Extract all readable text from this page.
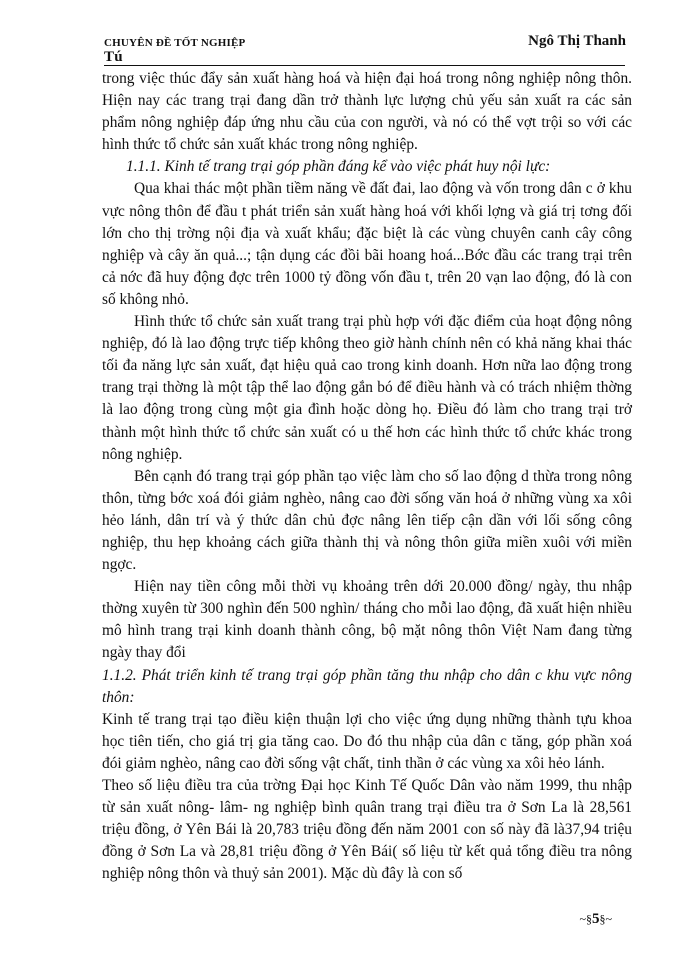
CHUYÊN ĐỀ TỐT NGHIỆP
Tú
Ngô Thị Thanh

trong việc thúc đẩy sản xuất hàng hoá và hiện đại hoá trong nông nghiệp nông thôn. Hiện nay các trang trại đang dần trở thành lực lượng chủ yếu sản xuất ra các sản phẩm nông nghiệp đáp ứng nhu cầu của con người, và nó có thể vợt trội so với các hình thức tổ chức sản xuất khác trong nông nghiệp.

1.1.1. Kinh tế trang trại góp phần đáng kể vào việc phát huy nội lực:

Qua khai thác một phần tiềm năng về đất đai, lao động và vốn trong dân c ở khu vực nông thôn để đầu t phát triển sản xuất hàng hoá với khối lợng và giá trị tơng đối lớn cho thị trờng nội địa và xuất khẩu; đặc biệt là các vùng chuyên canh cây công nghiệp và cây ăn quả...; tận dụng các đồi bãi hoang hoá...Bớc đầu các trang trại trên cả nớc đã huy động đợc trên 1000 tỷ đồng vốn đầu t, trên 20 vạn lao động, đó là con số không nhỏ.

Hình thức tổ chức sản xuất trang trại phù hợp với đặc điểm của hoạt động nông nghiệp, đó là lao động trực tiếp không theo giờ hành chính nên có khả năng khai thác tối đa năng lực sản xuất, đạt hiệu quả cao trong kinh doanh. Hơn nữa lao động trong trang trại thờng là một tập thể lao động gắn bó để điều hành và có trách nhiệm thờng là lao động trong cùng một gia đình hoặc dòng họ. Điều đó làm cho trang trại trở thành một hình thức tổ chức sản xuất có u thế hơn các hình thức tổ chức khác trong nông nghiệp.

Bên cạnh đó trang trại góp phần tạo việc làm cho số lao động d thừa trong nông thôn, từng bớc xoá đói giảm nghèo, nâng cao đời sống văn hoá ở những vùng xa xôi hẻo lánh, dân trí và ý thức dân chủ đợc nâng lên tiếp cận dần với lối sống công nghiệp, thu hẹp khoảng cách giữa thành thị và nông thôn giữa miền xuôi với miền ngợc.

Hiện nay tiền công mỗi thời vụ khoảng trên dới 20.000 đồng/ ngày, thu nhập thờng xuyên từ 300 nghìn đến 500 nghìn/ tháng cho mỗi lao động, đã xuất hiện nhiều mô hình trang trại kinh doanh thành công, bộ mặt nông thôn Việt Nam đang từng ngày thay đổi

1.1.2. Phát triển kinh tế trang trại góp phần tăng thu nhập cho dân c khu vực nông thôn:

Kinh tế trang trại tạo điều kiện thuận lợi cho việc ứng dụng những thành tựu khoa học tiên tiến, cho giá trị gia tăng cao. Do đó thu nhập của dân c tăng, góp phần xoá đói giảm nghèo, nâng cao đời sống vật chất, tinh thần ở các vùng xa xôi hẻo lánh.

Theo số liệu điều tra của trờng Đại học Kinh Tế Quốc Dân vào năm 1999, thu nhập từ sản xuất nông- lâm- ng nghiệp bình quân trang trại điều tra ở Sơn La là 28,561 triệu đồng, ở Yên Bái là 20,783 triệu đồng đến năm 2001 con số này đã là37,94 triệu đồng ở Sơn La và 28,81 triệu đồng ở Yên Bái( số liệu từ kết quả tổng điều tra nông nghiệp nông thôn và thuỷ sản 2001). Mặc dù đây là con số

~§5§~
